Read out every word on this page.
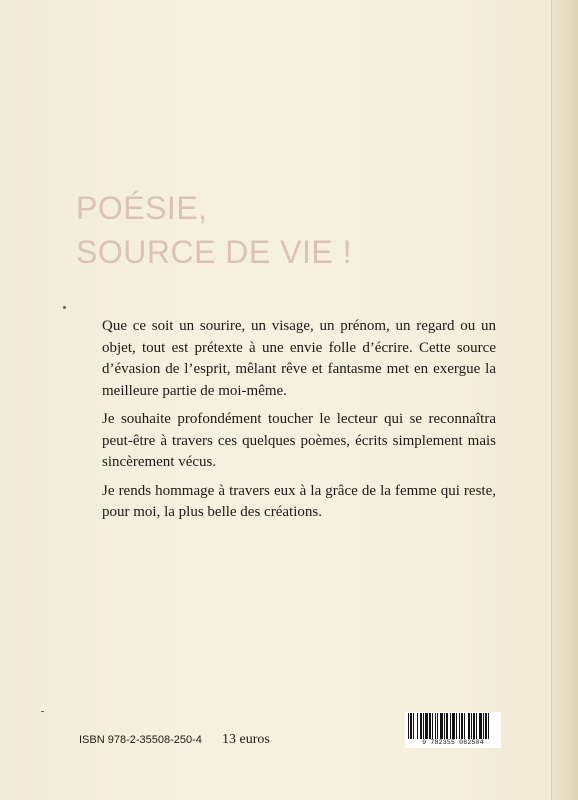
POÉSIE,
SOURCE DE VIE !

Que ce soit un sourire, un visage, un prénom, un regard ou un objet, tout est prétexte à une envie folle d’écrire. Cette source d’évasion de l’esprit, mêlant rêve et fantasme met en exergue la meilleure partie de moi-même.

Je souhaite profondément toucher le lecteur qui se reconnaîtra peut-être à travers ces quelques poèmes, écrits simplement mais sincèrement vécus.

Je rends hommage à travers eux à la grâce de la femme qui reste, pour moi, la plus belle des créations.

ISBN 978-2-35508-250-4 13 euros	9 782355 082504
